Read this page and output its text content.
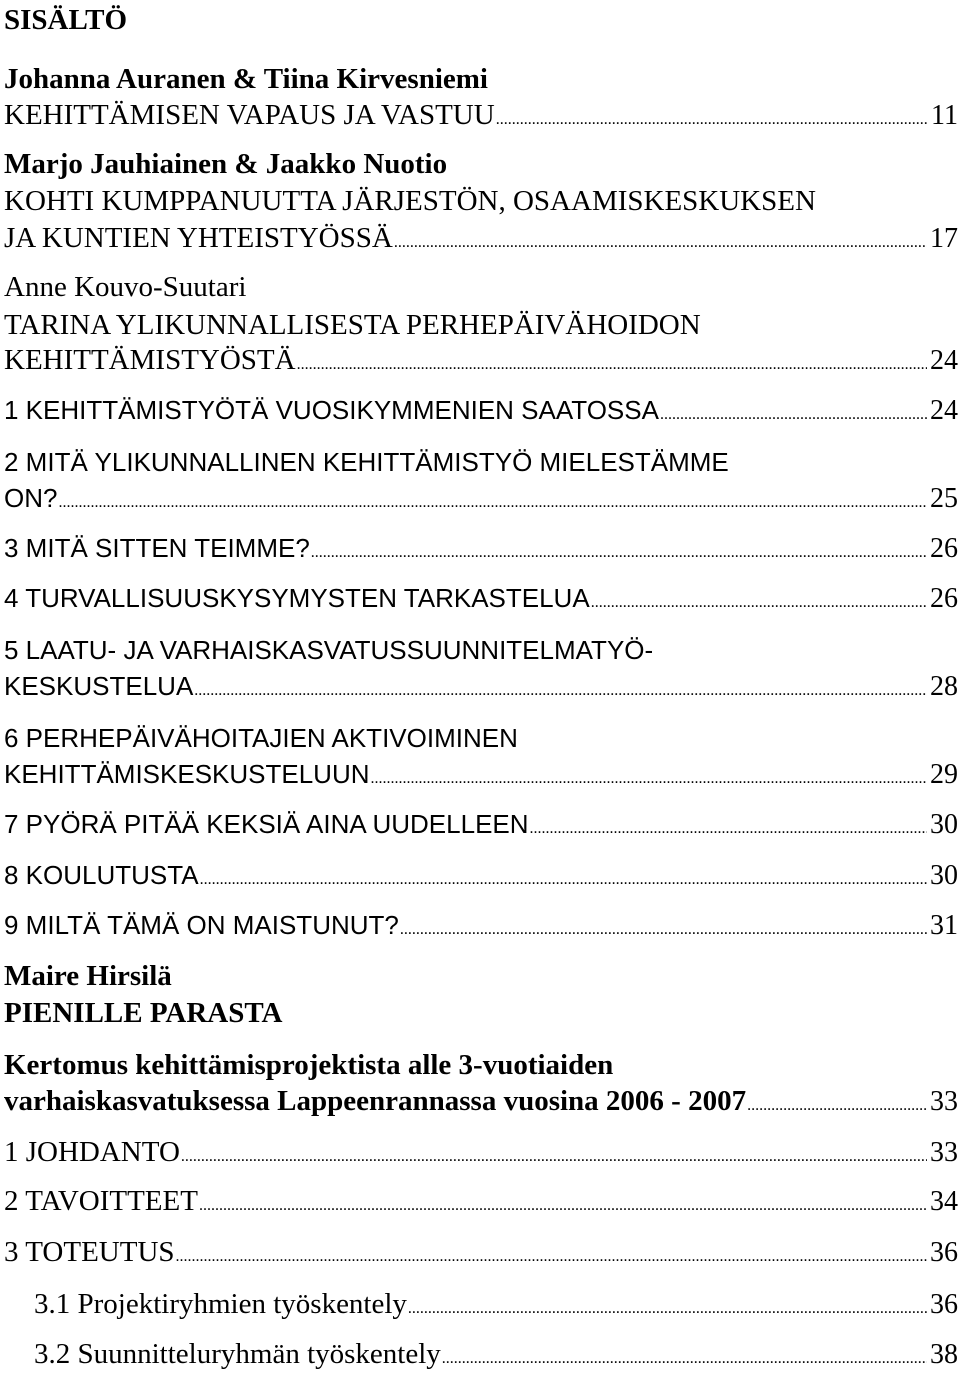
SISÄLTÖ
Johanna Auranen & Tiina Kirvesniemi
KEHITTÄMISEN VAPAUS JA VASTUU .....	11
Marjo Jauhiainen & Jaakko Nuotio
KOHTI KUMPPANUUTTA JÄRJESTÖN, OSAAMISKESKUKSEN
JA KUNTIEN YHTEISTYÖSSÄ .....	17
Anne Kouvo-Suutari
TARINA YLIKUNNALLISESTA PERHEPÄIVÄHOIDON
KEHITTÄMISTYÖSTÄ .....	24
1 KEHITTÄMISTYÖTÄ VUOSIKYMMENIEN SAATOSSA .....	24
2 MITÄ YLIKUNNALLINEN KEHITTÄMISTYÖ MIELESTÄMME
ON? .....	25
3 MITÄ SITTEN TEIMME? .....	26
4 TURVALLISUUSKYSYMYSTEN TARKASTELUA .....	26
5 LAATU- JA VARHAISKASVATUSSUUNNITELMATYÖ-
KESKUSTELUA .....	28
6 PERHEPÄIVÄHOITAJIEN AKTIVOIMINEN
KEHITTÄMISKESKUSTELUUN .....	29
7 PYÖRÄ PITÄÄ KEKSIÄ AINA UUDELLEEN .....	30
8 KOULUTUSTA .....	30
9 MILTÄ TÄMÄ ON MAISTUNUT? .....	31
Maire Hirsilä
PIENILLE PARASTA
Kertomus kehittämisprojektista alle 3-vuotiaiden
varhaiskasvatuksessa Lappeenrannassa vuosina 2006 - 2007 .....	33
1 JOHDANTO .....	33
2 TAVOITTEET .....	34
3 TOTEUTUS .....	36
3.1 Projektiryhmien työskentely .....	36
3.2 Suunnitteluryhmän työskentely .....	38
